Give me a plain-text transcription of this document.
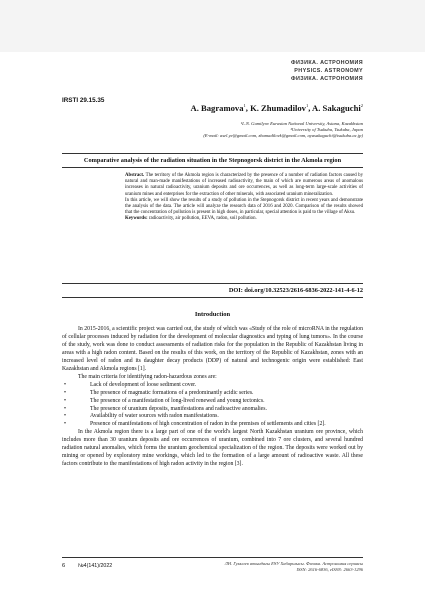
ФИЗИКА. АСТРОНОМИЯ
PHYSICS. ASTRONOMY
ФИЗИКА. АСТРОНОМИЯ
IRSTI 29.15.35
A. Bagramova$^1$, K. Zhumadilov$^1$, A. Sakaguchi$^2$
¹L.N. Gumilyov Eurasian National University, Astana, Kazakhstan
²University of Tsukuba, Tsukuba, Japan
(E-mail: asel.ye@gmail.com, zhumadilovk@gmail.com, ayasakaguchi@tsukuba.ac.jp)
Comparative analysis of the radiation situation in the Stepnogorsk district in the Akmola region

Abstract. The territory of the Akmola region is characterized by the presence of a number of radiation factors caused by natural and man-made manifestations of increased radioactivity, the main of which are numerous areas of anomalous increases in natural radioactivity, uranium deposits and ore occurrences, as well as long-term large-scale activities of uranium mines and enterprises for the extraction of other minerals, with associated uranium mineralization.

In this article, we will show the results of a study of pollution in the Stepnogorsk district in recent years and demonstrate the analysis of the data. The article will analyze the research data of 2016 and 2020. Comparison of the results showed that the concentration of pollution is present in high doses, in particular, special attention is paid to the village of Aksu.

Keywords: radioactivity, air pollution, EEVA, radon, soil pollution.

DOI: doi.org/10.32523/2616-6836-2022-141-4-6-12
Introduction

In 2015-2016, a scientific project was carried out, the study of which was «Study of the role of microRNA in the regulation of cellular processes induced by radiation for the development of molecular diagnostics and typing of lung tumors». In the course of the study, work was done to conduct assessments of radiation risks for the population in the Republic of Kazakhstan living in areas with a high radon content. Based on the results of this work, on the territory of the Republic of Kazakhstan, zones with an increased level of radon and its daughter decay products (DDP) of natural and technogenic origin were established: East Kazakhstan and Akmola regions [1].

The main criteria for identifying radon-hazardous zones are:

•	Lack of development of loose sediment cover.
•	The presence of magmatic formations of a predominantly acidic series.
•	The presence of a manifestation of long-lived renewed and young tectonics.
•	The presence of uranium deposits, manifestations and radioactive anomalies.
•	Availability of water sources with radon manifestations.
•	Presence of manifestations of high concentration of radon in the premises of settlements and cities [2].

In the Akmola region there is a large part of one of the world's largest North Kazakhstan uranium ore province, which includes more than 30 uranium deposits and ore occurrences of uranium, combined into 7 ore clusters, and several hundred radiation natural anomalies, which forms the uranium geochemical specialization of the region. The deposits were worked out by mining or opened by exploratory mine workings, which led to the formation of a large amount of radioactive waste. All these factors contribute to the manifestations of high radon activity in the region [3].

6 №4(141)/2022	ЛН. Гумилев атындағы ЕҰУ Хабаршысы. Физика. Астрономия сериясы
ISSN: 2616-6836, eISSN: 2663-1296
